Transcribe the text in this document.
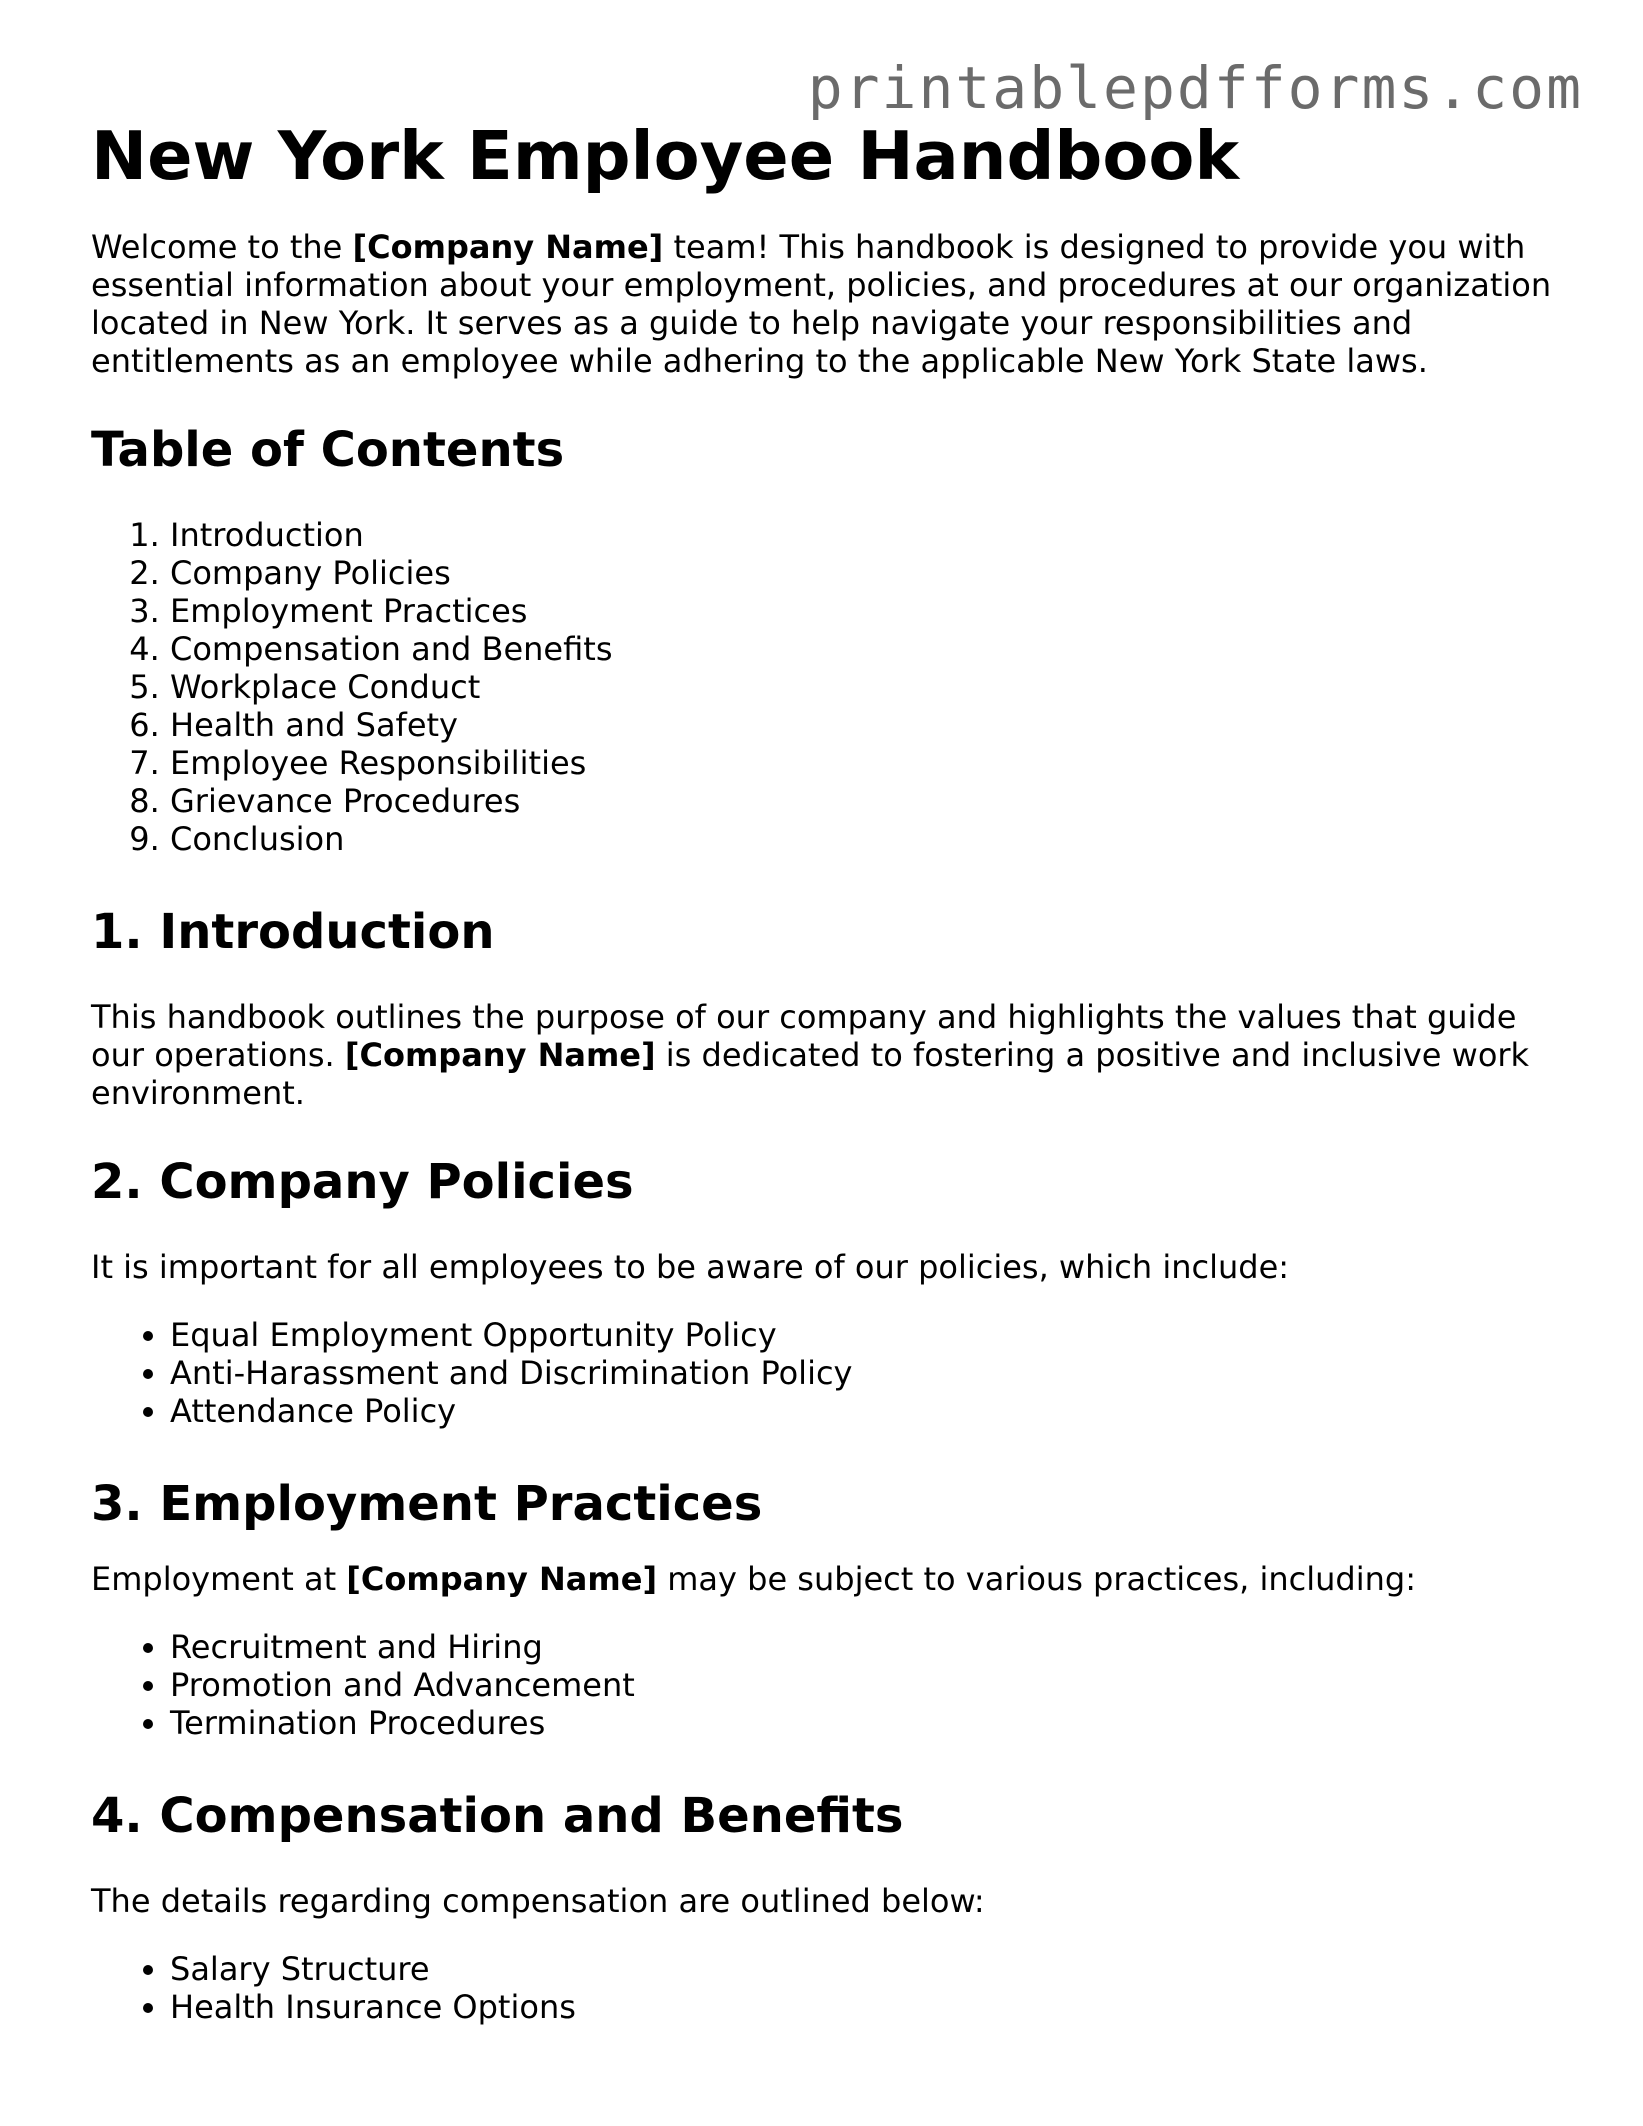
printablepdfforms.com
New York Employee Handbook

Welcome to the [Company Name] team! This handbook is designed to provide you with essential information about your employment, policies, and procedures at our organization located in New York. It serves as a guide to help navigate your responsibilities and entitlements as an employee while adhering to the applicable New York State laws.

Table of Contents
1. Introduction
2. Company Policies
3. Employment Practices
4. Compensation and Benefits
5. Workplace Conduct
6. Health and Safety
7. Employee Responsibilities
8. Grievance Procedures
9. Conclusion
1. Introduction

This handbook outlines the purpose of our company and highlights the values that guide our operations. [Company Name] is dedicated to fostering a positive and inclusive work environment.

2. Company Policies

It is important for all employees to be aware of our policies, which include:

• Equal Employment Opportunity Policy
• Anti-Harassment and Discrimination Policy
• Attendance Policy
3. Employment Practices

Employment at [Company Name] may be subject to various practices, including:

• Recruitment and Hiring
• Promotion and Advancement
• Termination Procedures
4. Compensation and Benefits

The details regarding compensation are outlined below:

• Salary Structure
• Health Insurance Options
